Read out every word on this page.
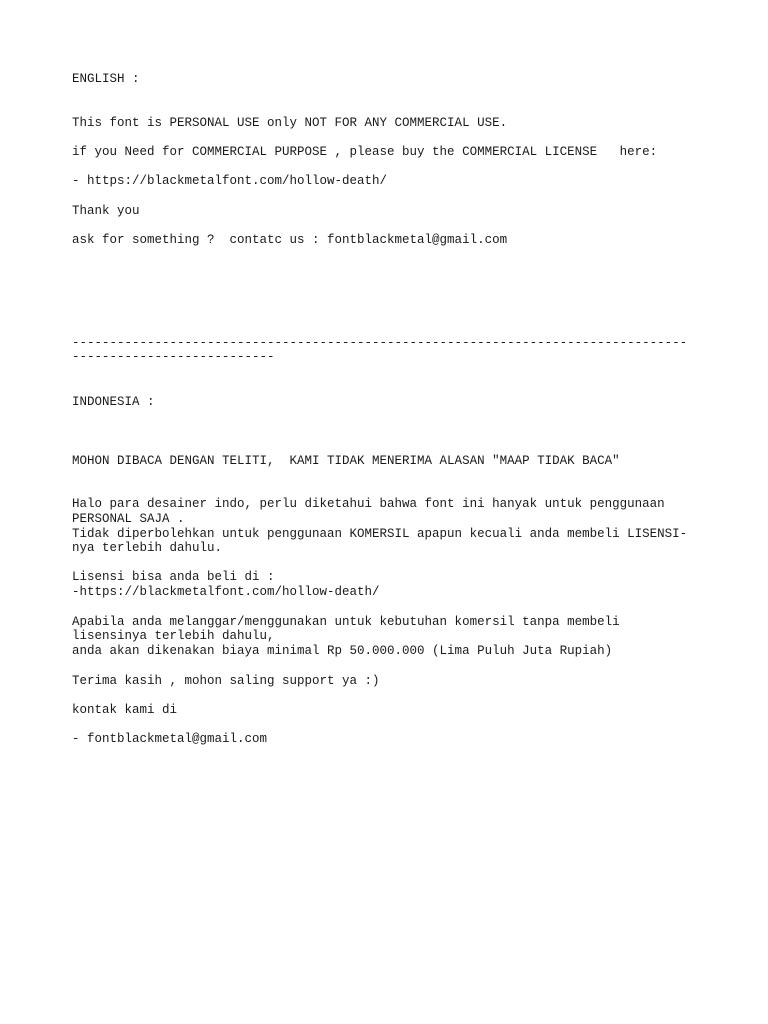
ENGLISH :

This font is PERSONAL USE only NOT FOR ANY COMMERCIAL USE.

if you Need for COMMERCIAL PURPOSE , please buy the COMMERCIAL LICENSE   here:

- https://blackmetalfont.com/hollow-death/

Thank you

ask for something ?  contatc us : fontblackmetal@gmail.com

----------------------------------------------------------------------------------

---------------------------

INDONESIA :

MOHON DIBACA DENGAN TELITI,  KAMI TIDAK MENERIMA ALASAN "MAAP TIDAK BACA"

Halo para desainer indo, perlu diketahui bahwa font ini hanyak untuk penggunaan

PERSONAL SAJA .

Tidak diperbolehkan untuk penggunaan KOMERSIL apapun kecuali anda membeli LISENSI-

nya terlebih dahulu.

Lisensi bisa anda beli di :

-https://blackmetalfont.com/hollow-death/

Apabila anda melanggar/menggunakan untuk kebutuhan komersil tanpa membeli

lisensinya terlebih dahulu,

anda akan dikenakan biaya minimal Rp 50.000.000 (Lima Puluh Juta Rupiah)

Terima kasih , mohon saling support ya :)

kontak kami di

- fontblackmetal@gmail.com
